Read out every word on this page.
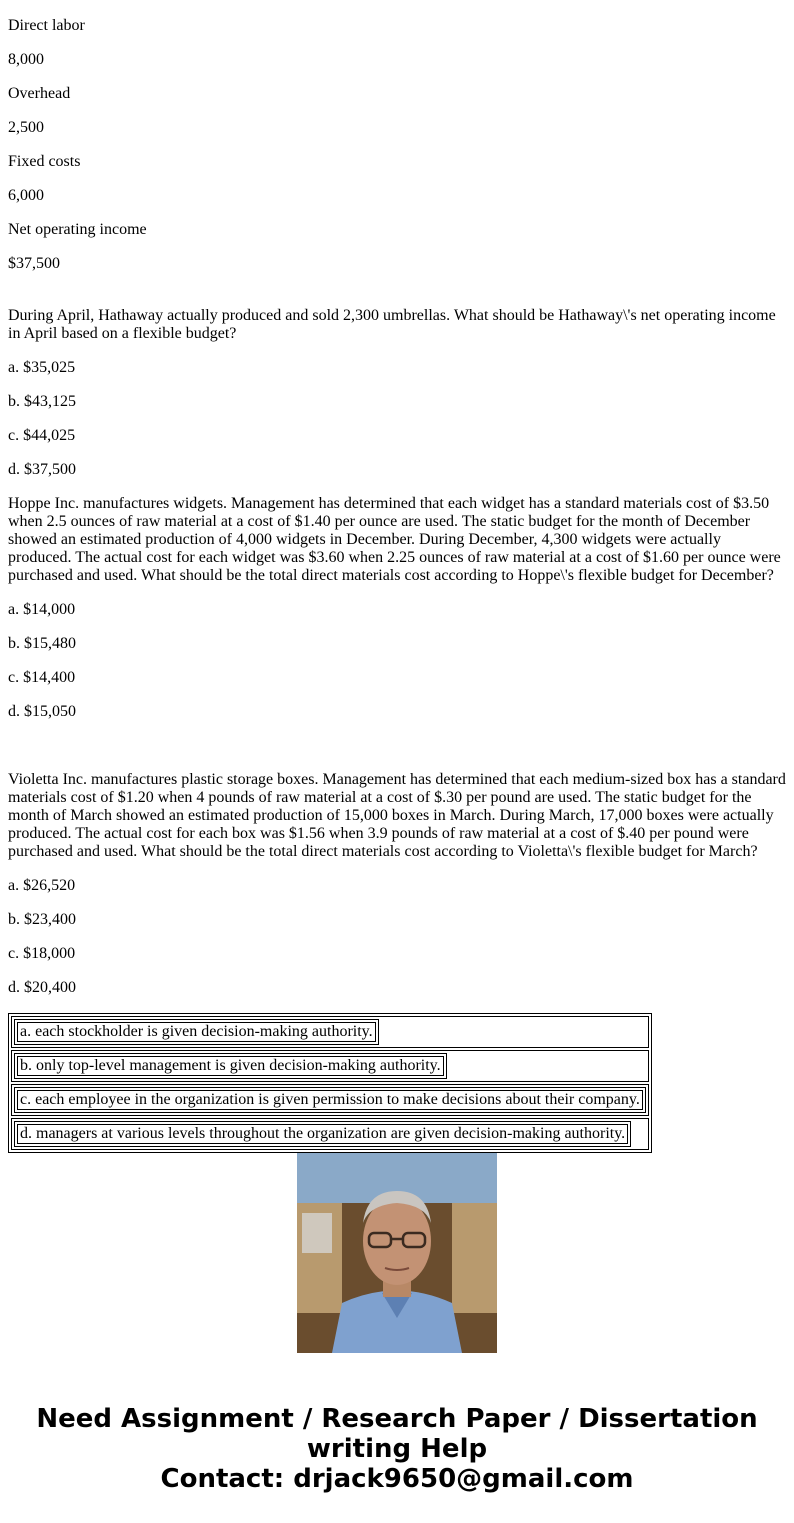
Direct labor

8,000

Overhead

2,500

Fixed costs

6,000

Net operating income

$37,500

During April, Hathaway actually produced and sold 2,300 umbrellas. What should be Hathaway\'s net operating income in April based on a flexible budget?

a. $35,025

b. $43,125

c. $44,025

d. $37,500

Hoppe Inc. manufactures widgets. Management has determined that each widget has a standard materials cost of $3.50 when 2.5 ounces of raw material at a cost of $1.40 per ounce are used. The static budget for the month of December showed an estimated production of 4,000 widgets in December. During December, 4,300 widgets were actually produced. The actual cost for each widget was $3.60 when 2.25 ounces of raw material at a cost of $1.60 per ounce were purchased and used. What should be the total direct materials cost according to Hoppe\'s flexible budget for December?

a. $14,000

b. $15,480

c. $14,400

d. $15,050

Violetta Inc. manufactures plastic storage boxes. Management has determined that each medium-sized box has a standard materials cost of $1.20 when 4 pounds of raw material at a cost of $.30 per pound are used. The static budget for the month of March showed an estimated production of 15,000 boxes in March. During March, 17,000 boxes were actually produced. The actual cost for each box was $1.56 when 3.9 pounds of raw material at a cost of $.40 per pound were purchased and used. What should be the total direct materials cost according to Violetta\'s flexible budget for March?

a. $26,520

b. $23,400

c. $18,000

d. $20,400

a. each stockholder is given decision-making authority.

b. only top-level management is given decision-making authority.

c. each employee in the organization is given permission to make decisions about their company.

d. managers at various levels throughout the organization are given decision-making authority.

Need Assignment / Research Paper / Dissertation

writing Help

Contact: drjack9650@gmail.com
